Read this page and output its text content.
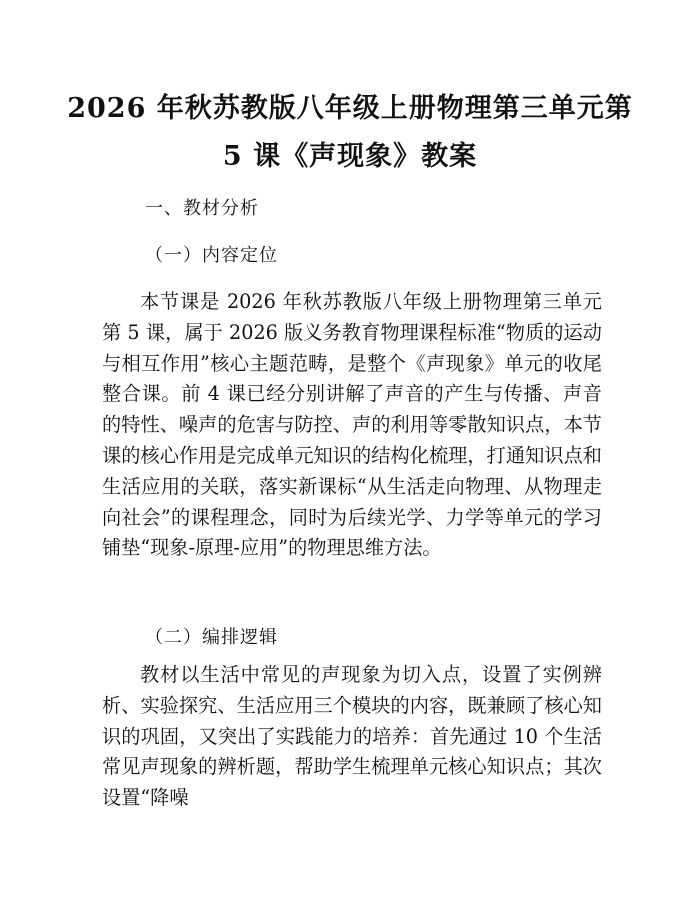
2026 年秋苏教版八年级上册物理第三单元第
5 课《声现象》教案
一、教材分析
（一）内容定位

本节课是 2026 年秋苏教版八年级上册物理第三单元第 5 课，属于 2026 版义务教育物理课程标准“物质的运动与相互作用”核心主题范畴，是整个《声现象》单元的收尾整合课。前 4 课已经分别讲解了声音的产生与传播、声音的特性、噪声的危害与防控、声的利用等零散知识点，本节课的核心作用是完成单元知识的结构化梳理，打通知识点和生活应用的关联，落实新课标“从生活走向物理、从物理走向社会”的课程理念，同时为后续光学、力学等单元的学习铺垫“现象-原理-应用”的物理思维方法。

（二）编排逻辑

教材以生活中常见的声现象为切入点，设置了实例辨析、实验探究、生活应用三个模块的内容，既兼顾了核心知识的巩固，又突出了实践能力的培养：首先通过 10 个生活常见声现象的辨析题，帮助学生梳理单元核心知识点；其次设置“降噪
